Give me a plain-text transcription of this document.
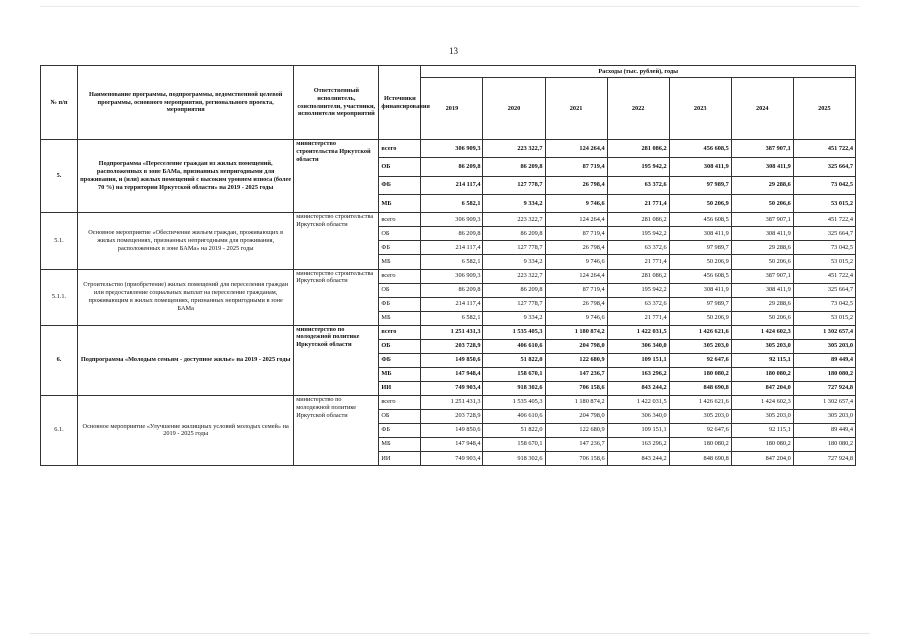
13
№ п/п	Наименование программы, подпрограммы, ведомственной целевой программы, основного мероприятия, регионального проекта, мероприятия	Ответственный исполнитель, соисполнители, участники, исполнители мероприятий	Источники финансирования	Расходы (тыс. рублей), годы						
				2019	2020	2021	2022	2023	2024	2025
5.	Подпрограмма «Переселение граждан из жилых помещений, расположенных в зоне БАМа, признанных непригодными для проживания, и (или) жилых помещений с высоким уровнем износа (более 70 %) на территории Иркутской области» на 2019 - 2025 годы	министерство строительства Иркутской области	всего	306 909,3	223 322,7	124 264,4	281 086,2	456 608,5	387 907,1	451 722,4
			ОБ	86 209,8	86 209,8	87 719,4	195 942,2	308 411,9	308 411,9	325 664,7
			ФБ	214 117,4	127 778,7	26 798,4	63 372,6	97 989,7	29 288,6	73 042,5
			МБ	6 582,1	9 334,2	9 746,6	21 771,4	50 206,9	50 206,6	53 015,2
5.1.	Основное мероприятие «Обеспечение жильем граждан, проживающих в жилых помещениях, признанных непригодными для проживания, расположенных в зоне БАМа» на 2019 - 2025 годы	министерство строительства Иркутской области	всего	306 909,3	223 322,7	124 264,4	281 086,2	456 608,5	387 907,1	451 722,4
			ОБ	86 209,8	86 209,8	87 719,4	195 942,2	308 411,9	308 411,9	325 664,7
			ФБ	214 117,4	127 778,7	26 798,4	63 372,6	97 989,7	29 288,6	73 042,5
			МБ	6 582,1	9 334,2	9 746,6	21 771,4	50 206,9	50 206,6	53 015,2
5.1.1.	Строительство (приобретение) жилых помещений для переселения граждан или предоставление социальных выплат на переселение гражданам, проживающим в жилых помещениях, признанных непригодными в зоне БАМа	министерство строительства Иркутской области	всего	306 909,3	223 322,7	124 264,4	281 086,2	456 608,5	387 907,1	451 722,4
			ОБ	86 209,8	86 209,8	87 719,4	195 942,2	308 411,9	308 411,9	325 664,7
			ФБ	214 117,4	127 778,7	26 798,4	63 372,6	97 989,7	29 288,6	73 042,5
			МБ	6 582,1	9 334,2	9 746,6	21 771,4	50 206,9	50 206,6	53 015,2
6.	Подпрограмма «Молодым семьям - доступное жилье» на 2019 - 2025 годы	министерство по молодежной политике Иркутской области	всего	1 251 431,3	1 535 405,3	1 180 874,2	1 422 031,5	1 426 621,6	1 424 602,3	1 302 657,4
			ОБ	203 728,9	406 610,6	204 798,0	306 340,0	305 203,0	305 203,0	305 203,0
			ФБ	149 850,6	51 822,0	122 680,9	109 151,1	92 647,6	92 115,1	89 449,4
			МБ	147 948,4	158 670,1	147 236,7	163 296,2	180 080,2	180 080,2	180 080,2
			ИИ	749 903,4	918 302,6	706 158,6	843 244,2	848 690,8	847 204,0	727 924,8
6.1.	Основное мероприятие «Улучшение жилищных условий молодых семей» на 2019 - 2025 годы	министерство по молодежной политике Иркутской области	всего	1 251 431,3	1 535 405,3	1 180 874,2	1 422 031,5	1 426 621,6	1 424 602,3	1 302 657,4
			ОБ	203 728,9	406 610,6	204 798,0	306 340,0	305 203,0	305 203,0	305 203,0
			ФБ	149 850,6	51 822,0	122 680,9	109 151,1	92 647,6	92 115,1	89 449,4
			МБ	147 948,4	158 670,1	147 236,7	163 296,2	180 080,2	180 080,2	180 080,2
			ИИ	749 903,4	918 302,6	706 158,6	843 244,2	848 690,8	847 204,0	727 924,8
